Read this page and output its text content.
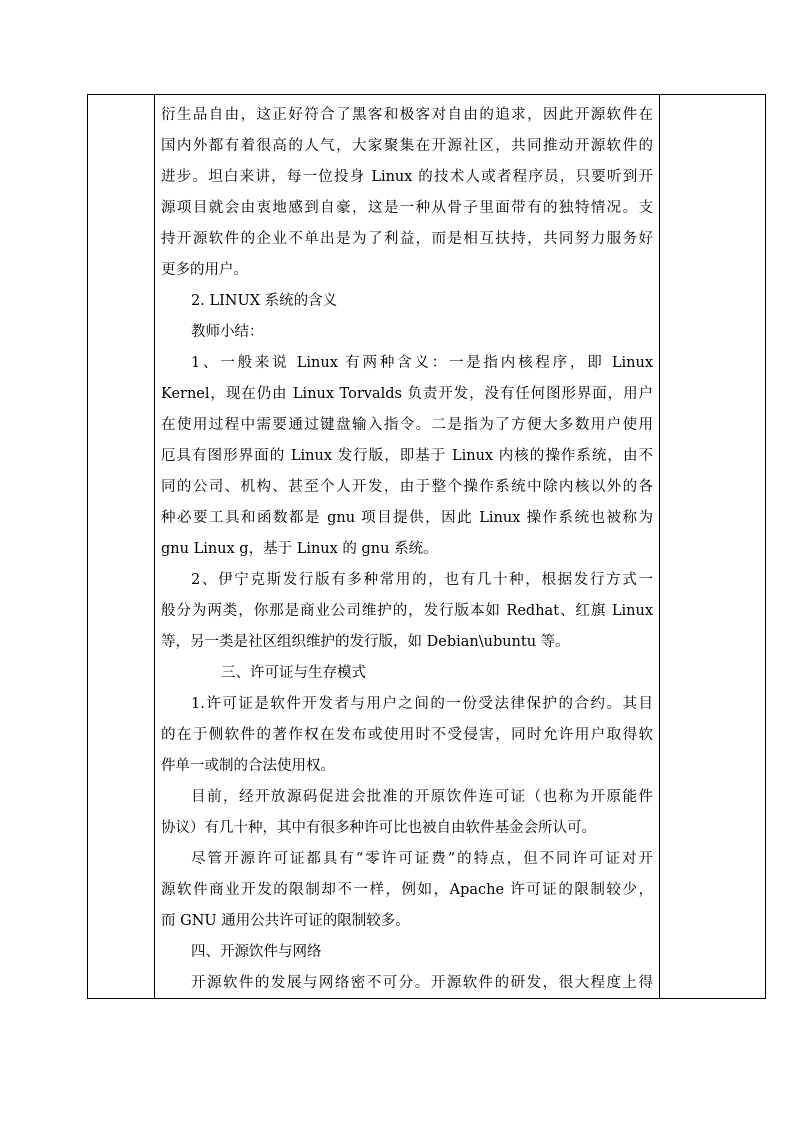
衍生品自由，这正好符合了黑客和极客对自由的追求，因此开源软件在
国内外都有着很高的人气，大家聚集在开源社区，共同推动开源软件的
进步。坦白来讲，每一位投身 Linux 的技术人或者程序员，只要听到开
源项目就会由衷地感到自豪，这是一种从骨子里面带有的独特情况。支
持开源软件的企业不单出是为了利益，而是相互扶持，共同努力服务好
更多的用户。
2. LINUX 系统的含义
教师小结：
1、一般来说 Linux 有两种含义：一是指内核程序，即 Linux
Kernel，现在仍由 Linux Torvalds 负责开发，没有任何图形界面，用户
在使用过程中需要通过键盘输入指令。二是指为了方便大多数用户使用
厄具有图形界面的 Linux 发行版，即基于 Linux 内核的操作系统，由不
同的公司、机构、甚至个人开发，由于整个操作系统中除内核以外的各
种必要工具和函数都是 gnu 项目提供，因此 Linux 操作系统也被称为
gnu Linux g，基于 Linux 的 gnu 系统。
2、伊宁克斯发行版有多种常用的，也有几十种，根据发行方式一
般分为两类，你那是商业公司维护的，发行版本如 Redhat、红旗 Linux
等，另一类是社区组织维护的发行版，如 Debian\ubuntu 等。
三、许可证与生存模式
1.许可证是软件开发者与用户之间的一份受法律保护的合约。其目
的在于侧软件的著作权在发布或使用时不受侵害，同时允许用户取得软
件单一或制的合法使用权。
目前，经开放源码促进会批准的开原饮件连可证（也称为开原能件
协议）有几十种，其中有很多种许可比也被自由软件基金会所认可。
尽管开源许可证都具有“零许可证费”的特点，但不同许可证对开
源软件商业开发的限制却不一样，例如，Apache 许可证的限制较少，
而 GNU 通用公共许可证的限制较多。
四、开源饮件与网络
开源软件的发展与网络密不可分。开源软件的研发，很大程度上得
